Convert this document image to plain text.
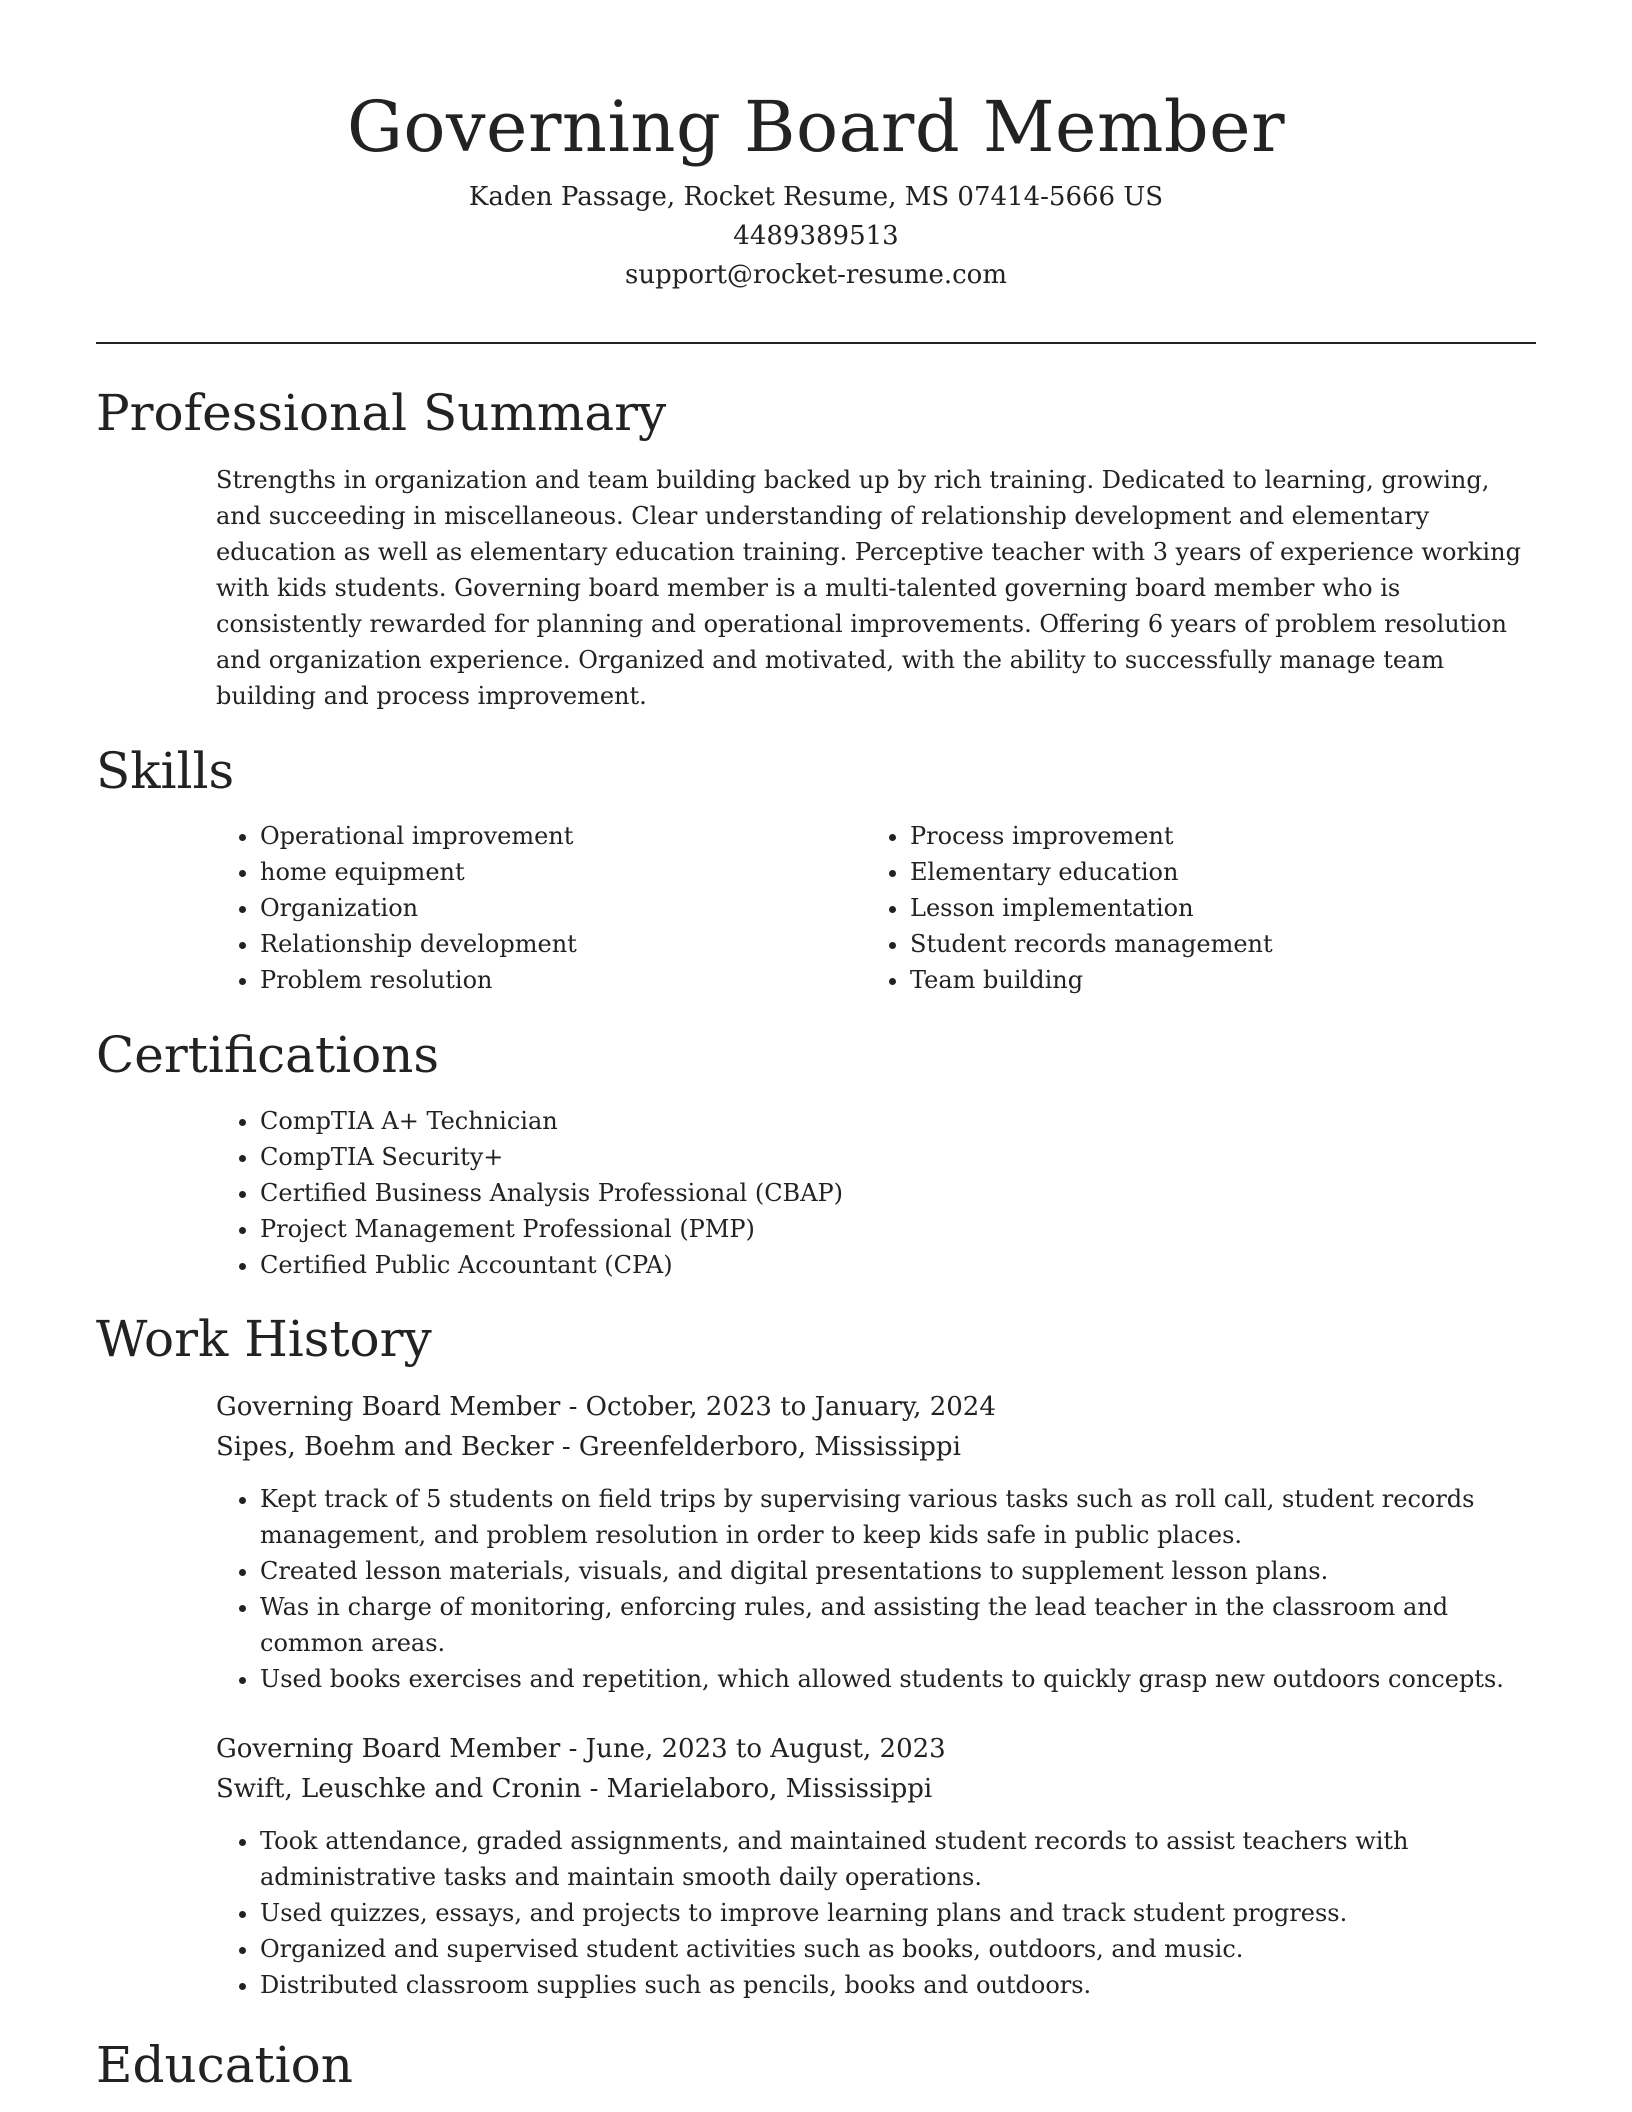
Governing Board Member
Kaden Passage, Rocket Resume, MS 07414-5666 US
4489389513
support@rocket-resume.com
Professional Summary

Strengths in organization and team building backed up by rich training. Dedicated to learning, growing, and succeeding in miscellaneous. Clear understanding of relationship development and elementary education as well as elementary education training. Perceptive teacher with 3 years of experience working with kids students. Governing board member is a multi-talented governing board member who is consistently rewarded for planning and operational improvements. Offering 6 years of problem resolution and organization experience. Organized and motivated, with the ability to successfully manage team building and process improvement.

Skills
• Operational improvement
• home equipment
• Organization
• Relationship development
• Problem resolution
• Process improvement
• Elementary education
• Lesson implementation
• Student records management
• Team building
Certifications
• CompTIA A+ Technician
• CompTIA Security+
• Certified Business Analysis Professional (CBAP)
• Project Management Professional (PMP)
• Certified Public Accountant (CPA)
Work History
Governing Board Member - October, 2023 to January, 2024
Sipes, Boehm and Becker - Greenfelderboro, Mississippi
• Kept track of 5 students on field trips by supervising various tasks such as roll call, student records management, and problem resolution in order to keep kids safe in public places.
• Created lesson materials, visuals, and digital presentations to supplement lesson plans.
• Was in charge of monitoring, enforcing rules, and assisting the lead teacher in the classroom and common areas.
• Used books exercises and repetition, which allowed students to quickly grasp new outdoors concepts.
Governing Board Member - June, 2023 to August, 2023
Swift, Leuschke and Cronin - Marielaboro, Mississippi
• Took attendance, graded assignments, and maintained student records to assist teachers with administrative tasks and maintain smooth daily operations.
• Used quizzes, essays, and projects to improve learning plans and track student progress.
• Organized and supervised student activities such as books, outdoors, and music.
• Distributed classroom supplies such as pencils, books and outdoors.
Education
